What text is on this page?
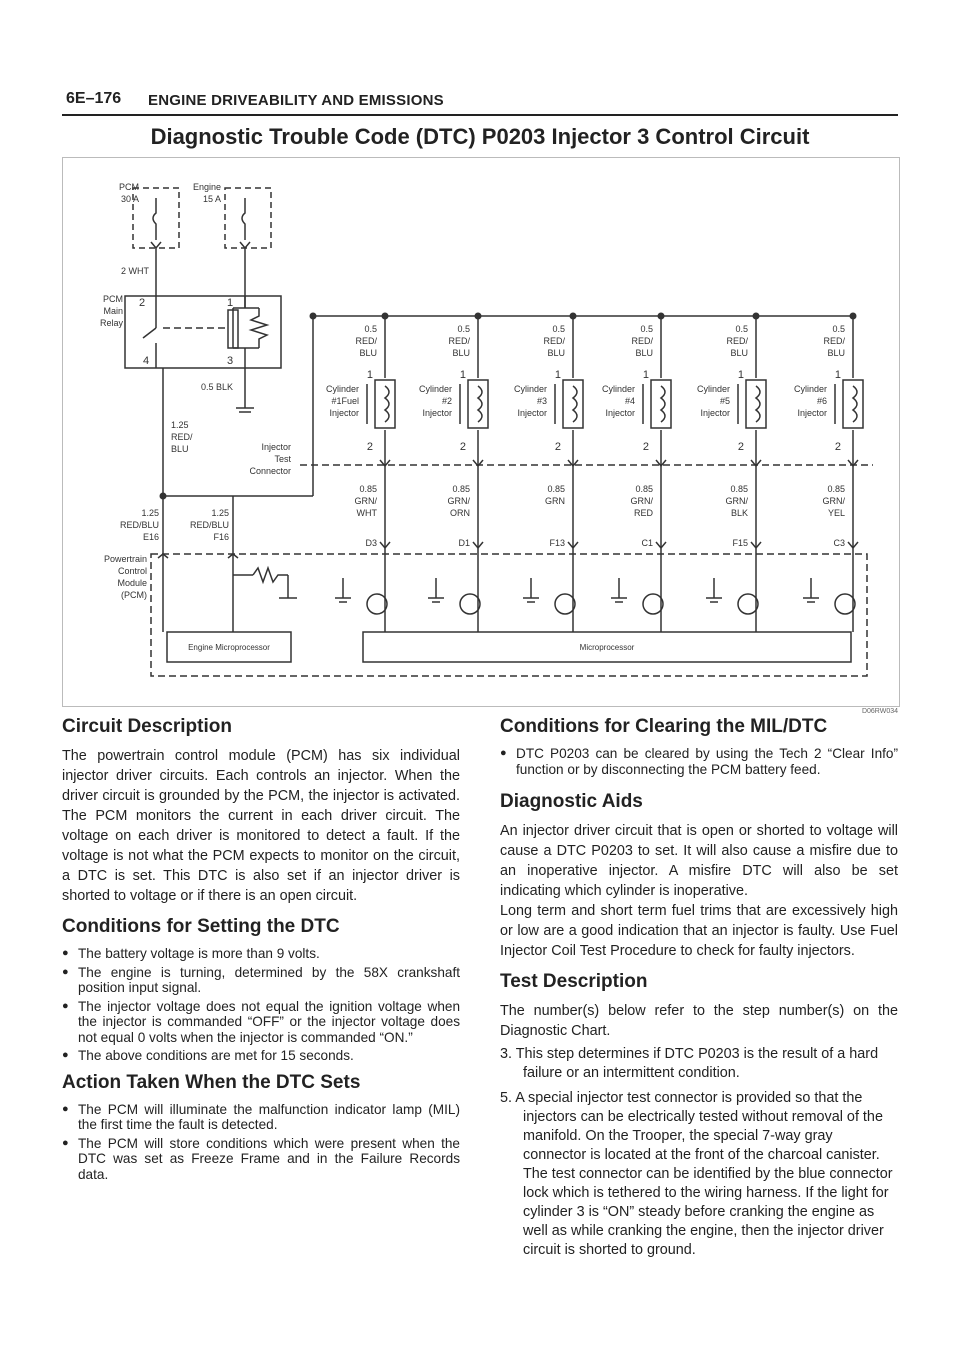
6E–176 ENGINE DRIVEABILITY AND EMISSIONS
Diagnostic Trouble Code (DTC) P0203 Injector 3 Control Circuit
0.5
RED/
BLU
Cylinder
#1Fuel
Injector
1
2
0.85
GRN/
WHT
D3
0.5
RED/
BLU
Cylinder
#2
Injector
1
2
0.85
GRN/
ORN
D1
0.5
RED/
BLU
Cylinder
#3
Injector
1
2
0.85
GRN
F13
0.5
RED/
BLU
Cylinder
#4
Injector
1
2
0.85
GRN/
RED
C1
0.5
RED/
BLU
Cylinder
#5
Injector
1
2
0.85
GRN/
BLK
F15
0.5
RED/
BLU
Cylinder
#6
Injector
1
2
0.85
GRN/
YEL
C3
PCM
30 A
Engine
15 A
2 WHT
PCM
Main
Relay
0.5 BLK
Injector
Test
Connector
1.25
RED/BLU
E16
1.25
RED/BLU
F16
Powertrain
Control
Module
(PCM)
2	1
4	3
1.25
RED/
BLU
Engine Microprocessor	Microprocessor
D06RW034
Circuit Description

The powertrain control module (PCM) has six individual injector driver circuits. Each controls an injector. When the driver circuit is grounded by the PCM, the injector is activated. The PCM monitors the current in each driver circuit. The voltage on each driver is monitored to detect a fault. If the voltage is not what the PCM expects to monitor on the circuit, a DTC is set. This DTC is also set if an injector driver is shorted to voltage or if there is an open circuit.

Conditions for Setting the DTC
● The battery voltage is more than 9 volts.
● The engine is turning, determined by the 58X crankshaft position input signal.
● The injector voltage does not equal the ignition voltage when the injector is commanded “OFF” or the injector voltage does not equal 0 volts when the injector is commanded “ON.”
● The above conditions are met for 15 seconds.
Action Taken When the DTC Sets
● The PCM will illuminate the malfunction indicator lamp (MIL) the first time the fault is detected.
● The PCM will store conditions which were present when the DTC was set as Freeze Frame and in the Failure Records data.
Conditions for Clearing the MIL/DTC
● DTC P0203 can be cleared by using the Tech 2 “Clear Info” function or by disconnecting the PCM battery feed.
Diagnostic Aids

An injector driver circuit that is open or shorted to voltage will cause a DTC P0203 to set. It will also cause a misfire due to an inoperative injector. A misfire DTC will also be set indicating which cylinder is inoperative.

Long term and short term fuel trims that are excessively high or low are a good indication that an injector is faulty. Use Fuel Injector Coil Test Procedure to check for faulty injectors.

Test Description

The number(s) below refer to the step number(s) on the Diagnostic Chart.

3. This step determines if DTC P0203 is the result of a hard failure or an intermittent condition.
5. A special injector test connector is provided so that the injectors can be electrically tested without removal of the manifold. On the Trooper, the special 7-way gray connector is located at the front of the charcoal canister. The test connector can be identified by the blue connector lock which is tethered to the wiring harness. If the light for cylinder 3 is “ON” steady before cranking the engine as well as while cranking the engine, then the injector driver circuit is shorted to ground.
